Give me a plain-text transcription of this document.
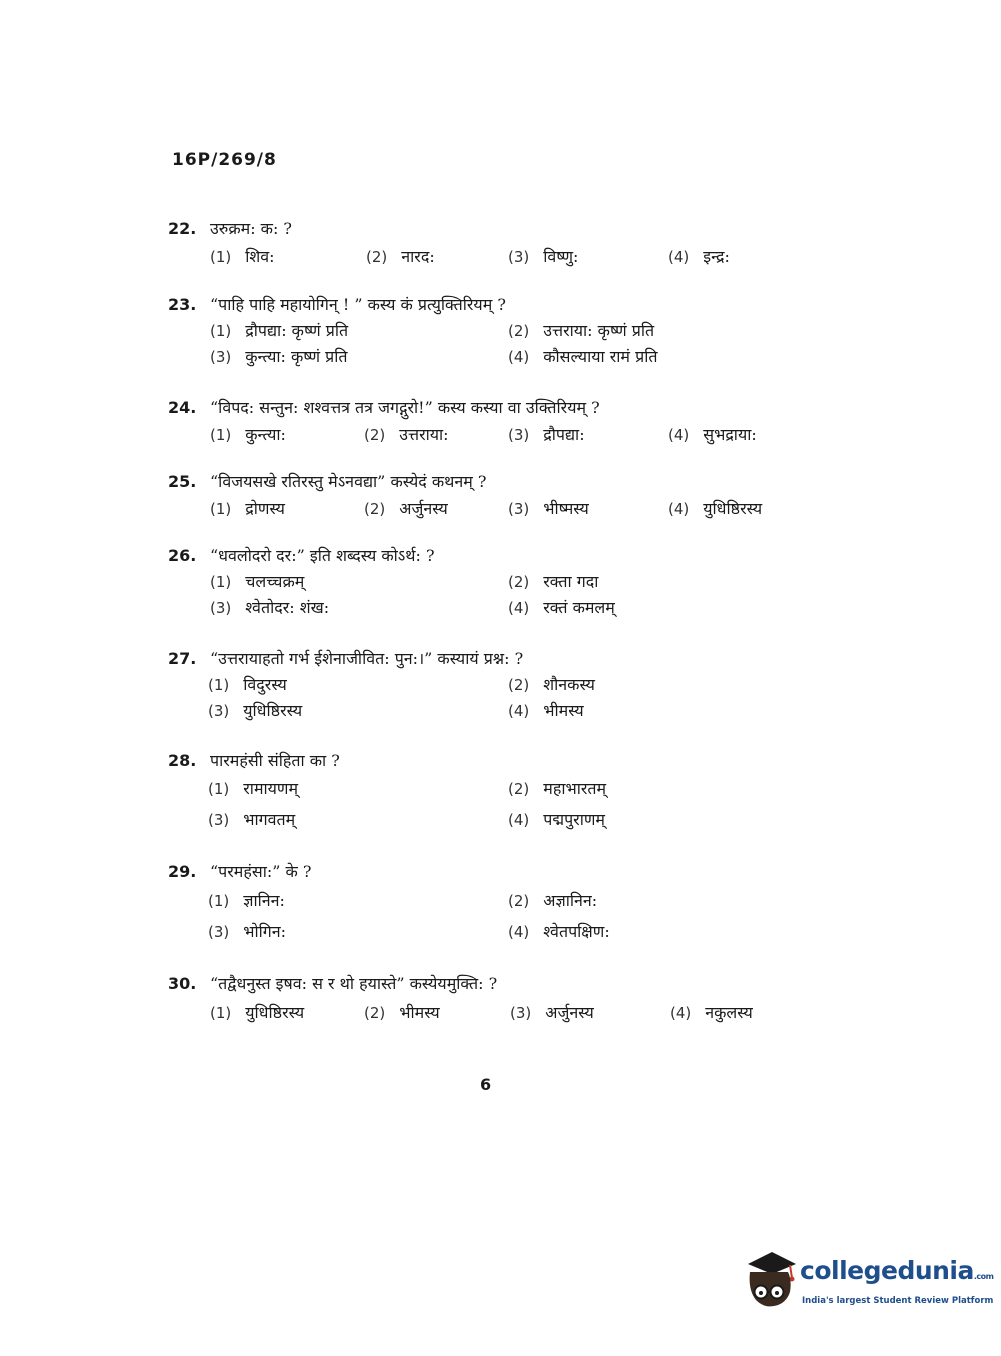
16P/269/8
22. उरुक्रम: क: ?
(1) शिव:	(2) नारद:	(3) विष्णु:	(4) इन्द्र:
23. “पाहि पाहि महायोगिन् ! ” कस्य कं प्रत्युक्तिरियम् ?
(1) द्रौपद्या: कृष्णं प्रति	(2) उत्तराया: कृष्णं प्रति
(3) कुन्त्या: कृष्णं प्रति	(4) कौसल्याया रामं प्रति
24. “विपद: सन्तुन: शश्वत्तत्र तत्र जगद्गुरो!” कस्य कस्या वा उक्तिरियम् ?
(1) कुन्त्या:	(2) उत्तराया:	(3) द्रौपद्या:	(4) सुभद्राया:
25. “विजयसखे रतिरस्तु मेऽनवद्या” कस्येदं कथनम् ?
(1) द्रोणस्य	(2) अर्जुनस्य	(3) भीष्मस्य	(4) युधिष्ठिरस्य
26. “धवलोदरो दर:” इति शब्दस्य कोऽर्थ: ?
(1) चलच्चक्रम्	(2) रक्ता गदा
(3) श्वेतोदर: शंख:	(4) रक्तं कमलम्
27. “उत्तरायाहतो गर्भ ईशेनाजीवित: पुन:।” कस्यायं प्रश्न: ?
(1) विदुरस्य	(2) शौनकस्य
(3) युधिष्ठिरस्य	(4) भीमस्य
28. पारमहंसी संहिता का ?
(1) रामायणम्	(2) महाभारतम्
(3) भागवतम्	(4) पद्मपुराणम्
29. “परमहंसा:” के ?
(1) ज्ञानिन:	(2) अज्ञानिन:
(3) भोगिन:	(4) श्वेतपक्षिण:
30. “तद्वैधनुस्त इषव: स र थो हयास्ते” कस्येयमुक्ति: ?
(1) युधिष्ठिरस्य	(2) भीमस्य	(3) अर्जुनस्य	(4) नकुलस्य
6
collegedunia.com
India's largest Student Review Platform
